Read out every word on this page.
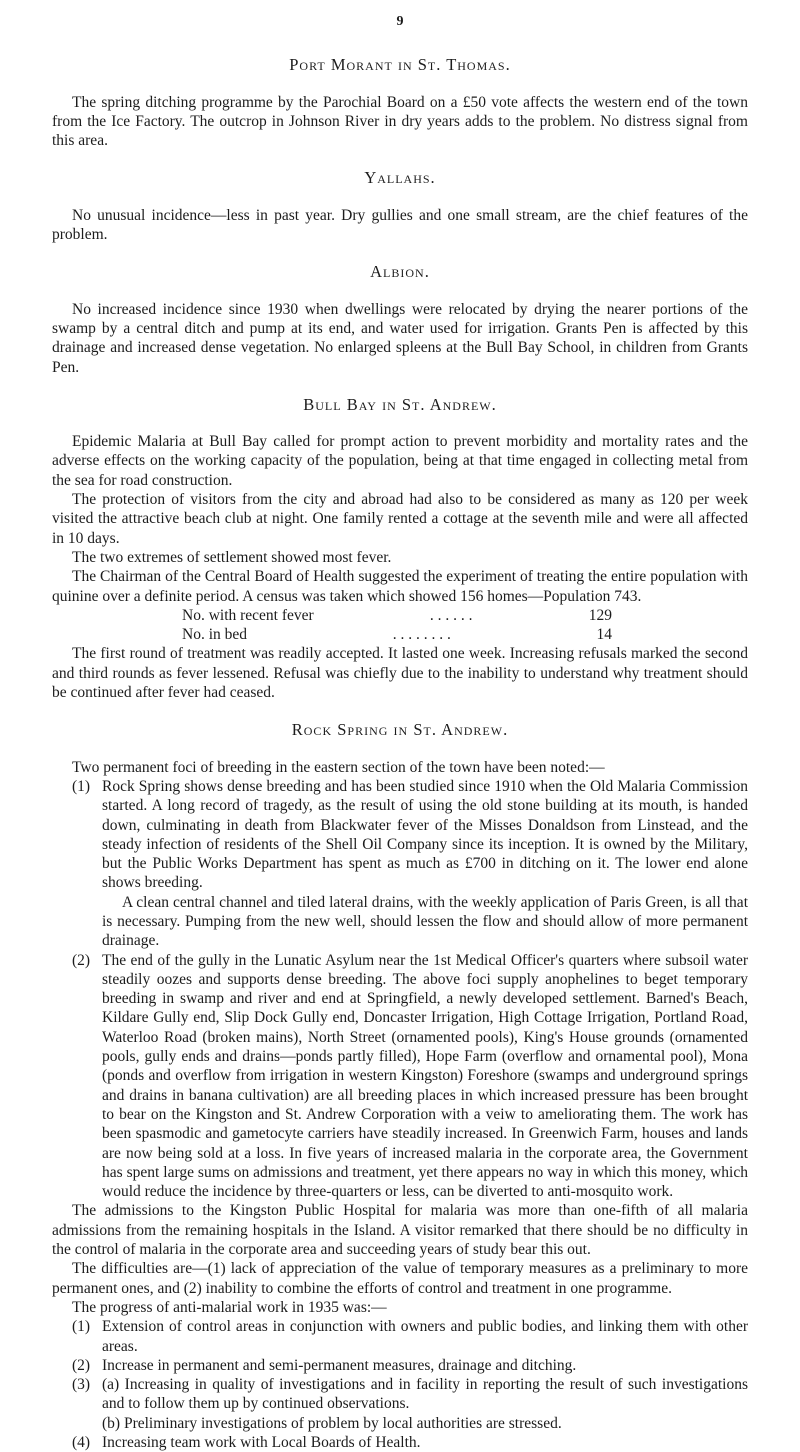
9
Port Morant in St. Thomas.

The spring ditching programme by the Parochial Board on a £50 vote affects the western end of the town from the Ice Factory. The outcrop in Johnson River in dry years adds to the problem. No distress signal from this area.

Yallahs.

No unusual incidence—less in past year. Dry gullies and one small stream, are the chief features of the problem.

Albion.

No increased incidence since 1930 when dwellings were relocated by drying the nearer portions of the swamp by a central ditch and pump at its end, and water used for irrigation. Grants Pen is affected by this drainage and increased dense vegetation. No enlarged spleens at the Bull Bay School, in children from Grants Pen.

Bull Bay in St. Andrew.

Epidemic Malaria at Bull Bay called for prompt action to prevent morbidity and mortality rates and the adverse effects on the working capacity of the population, being at that time engaged in collecting metal from the sea for road construction.

The protection of visitors from the city and abroad had also to be considered as many as 120 per week visited the attractive beach club at night. One family rented a cottage at the seventh mile and were all affected in 10 days.

The two extremes of settlement showed most fever.

The Chairman of the Central Board of Health suggested the experiment of treating the entire population with quinine over a definite period. A census was taken which showed 156 homes—Population 743.

No. with recent fever	. . . . . .	129
No. in bed	. . . . . . . .	14

The first round of treatment was readily accepted. It lasted one week. Increasing refusals marked the second and third rounds as fever lessened. Refusal was chiefly due to the inability to understand why treatment should be continued after fever had ceased.

Rock Spring in St. Andrew.

Two permanent foci of breeding in the eastern section of the town have been noted:—

(1) Rock Spring shows dense breeding and has been studied since 1910 when the Old Malaria Commission started. A long record of tragedy, as the result of using the old stone building at its mouth, is handed down, culminating in death from Blackwater fever of the Misses Donaldson from Linstead, and the steady infection of residents of the Shell Oil Company since its inception. It is owned by the Military, but the Public Works Department has spent as much as £700 in ditching on it. The lower end alone shows breeding.

A clean central channel and tiled lateral drains, with the weekly application of Paris Green, is all that is necessary. Pumping from the new well, should lessen the flow and should allow of more permanent drainage.

(2) The end of the gully in the Lunatic Asylum near the 1st Medical Officer's quarters where subsoil water steadily oozes and supports dense breeding. The above foci supply anophelines to beget temporary breeding in swamp and river and end at Springfield, a newly developed settlement. Barned's Beach, Kildare Gully end, Slip Dock Gully end, Doncaster Irrigation, High Cottage Irrigation, Portland Road, Waterloo Road (broken mains), North Street (ornamented pools), King's House grounds (ornamented pools, gully ends and drains—ponds partly filled), Hope Farm (overflow and ornamental pool), Mona (ponds and overflow from irrigation in western Kingston) Foreshore (swamps and underground springs and drains in banana cultivation) are all breeding places in which increased pressure has been brought to bear on the Kingston and St. Andrew Corporation with a veiw to ameliorating them. The work has been spasmodic and gametocyte carriers have steadily increased. In Greenwich Farm, houses and lands are now being sold at a loss. In five years of increased malaria in the corporate area, the Government has spent large sums on admissions and treatment, yet there appears no way in which this money, which would reduce the incidence by three-quarters or less, can be diverted to anti-mosquito work.

The admissions to the Kingston Public Hospital for malaria was more than one-fifth of all malaria admissions from the remaining hospitals in the Island. A visitor remarked that there should be no difficulty in the control of malaria in the corporate area and succeeding years of study bear this out.

The difficulties are—(1) lack of appreciation of the value of temporary measures as a preliminary to more permanent ones, and (2) inability to combine the efforts of control and treatment in one programme.

The progress of anti-malarial work in 1935 was:—

(1) Extension of control areas in conjunction with owners and public bodies, and linking them with other areas.
(2) Increase in permanent and semi-permanent measures, drainage and ditching.
(3) (a) Increasing in quality of investigations and in facility in reporting the result of such investigations and to follow them up by continued observations.
(b) Preliminary investigations of problem by local authorities are stressed.
(4) Increasing team work with Local Boards of Health.
